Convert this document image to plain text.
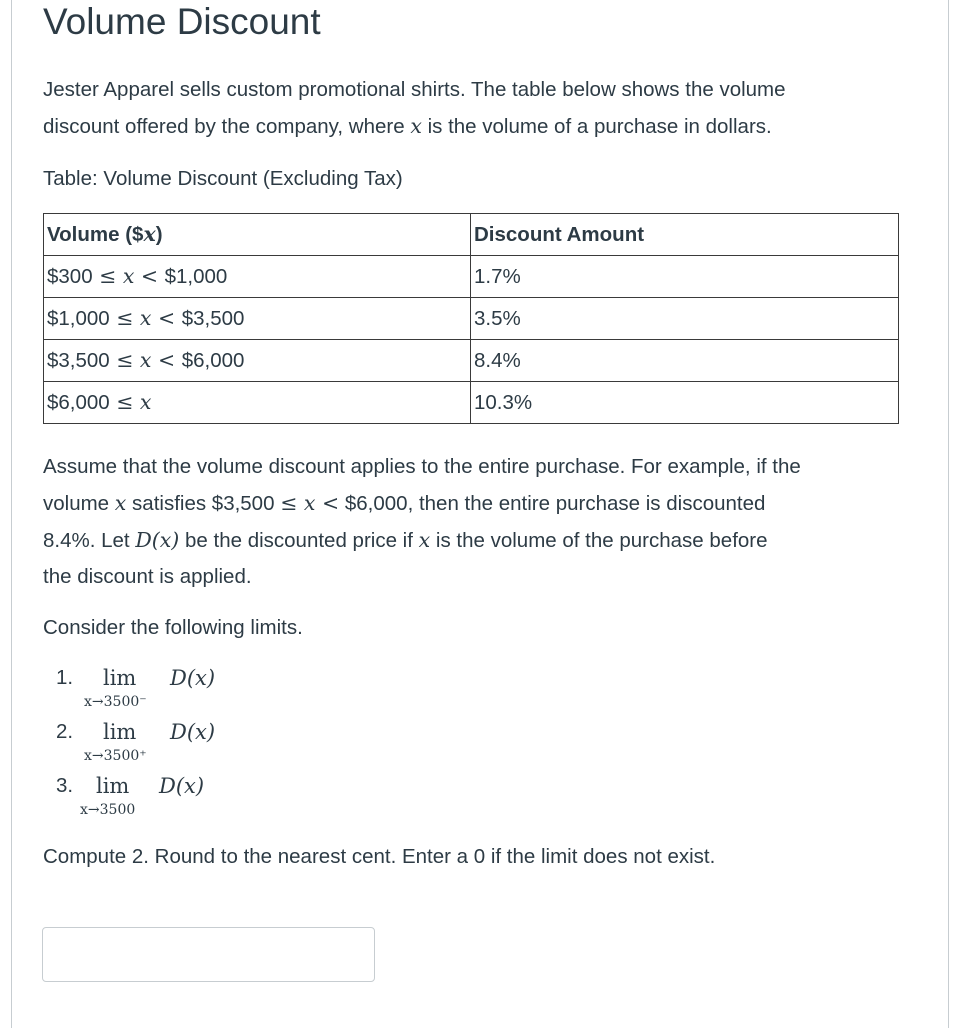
Volume Discount

Jester Apparel sells custom promotional shirts. The table below shows the volume
discount offered by the company, where x is the volume of a purchase in dollars.

Table: Volume Discount (Excluding Tax)

Volume ($x)	Discount Amount
$300 ≤ x < $1,000	1.7%
$1,000 ≤ x < $3,500	3.5%
$3,500 ≤ x < $6,000	8.4%
$6,000 ≤ x	10.3%

Assume that the volume discount applies to the entire purchase. For example, if the
volume x satisfies $3,500 ≤ x < $6,000, then the entire purchase is discounted
8.4%. Let D(x) be the discounted price if x is the volume of the purchase before
the discount is applied.

Consider the following limits.

1. lim
x→3500⁻
D(x)
2. lim
x→3500⁺
D(x)
3. lim
x→3500
D(x)

Compute 2. Round to the nearest cent. Enter a 0 if the limit does not exist.
